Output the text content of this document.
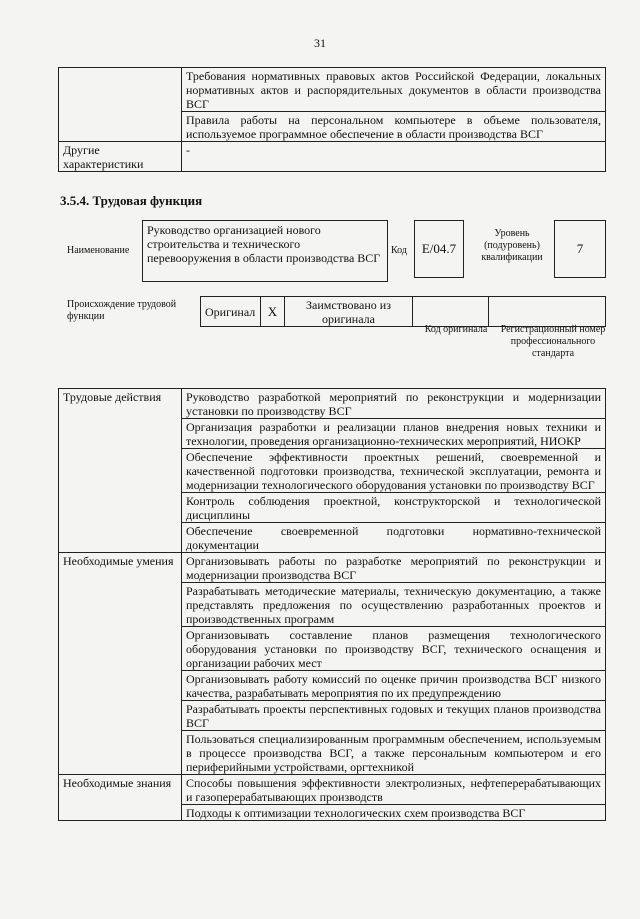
31
	Требования нормативных правовых актов Российской Федерации, локальных нормативных актов и распорядительных документов в области производства ВСГ
	Правила работы на персональном компьютере в объеме пользователя, используемое программное обеспечение в области производства ВСГ
Другие характеристики	-
3.5.4. Трудовая функция
Наименование
Руководство организацией нового строительства и технического перевооружения в области производства ВСГ
Код	E/04.7
Уровень (подуровень) квалификации
7
Происхождение трудовой функции	Оригинал	X	Заимствовано из оригинала		
Код оригинала	Регистрационный номер профессионального стандарта
Трудовые действия	Руководство разработкой мероприятий по реконструкции и модернизации установки по производству ВСГ
	Организация разработки и реализации планов внедрения новых техники и технологии, проведения организационно-технических мероприятий, НИОКР
	Обеспечение эффективности проектных решений, своевременной и качественной подготовки производства, технической эксплуатации, ремонта и модернизации технологического оборудования установки по производству ВСГ
	Контроль соблюдения проектной, конструкторской и технологической дисциплины
	Обеспечение своевременной подготовки нормативно-технической документации
Необходимые умения	Организовывать работы по разработке мероприятий по реконструкции и модернизации производства ВСГ
	Разрабатывать методические материалы, техническую документацию, а также представлять предложения по осуществлению разработанных проектов и производственных программ
	Организовывать составление планов размещения технологического оборудования установки по производству ВСГ, технического оснащения и организации рабочих мест
	Организовывать работу комиссий по оценке причин производства ВСГ низкого качества, разрабатывать мероприятия по их предупреждению
	Разрабатывать проекты перспективных годовых и текущих планов производства ВСГ
	Пользоваться специализированным программным обеспечением, используемым в процессе производства ВСГ, а также персональным компьютером и его периферийными устройствами, оргтехникой
Необходимые знания	Способы повышения эффективности электролизных, нефтеперерабатывающих и газоперерабатывающих производств
	Подходы к оптимизации технологических схем производства ВСГ
